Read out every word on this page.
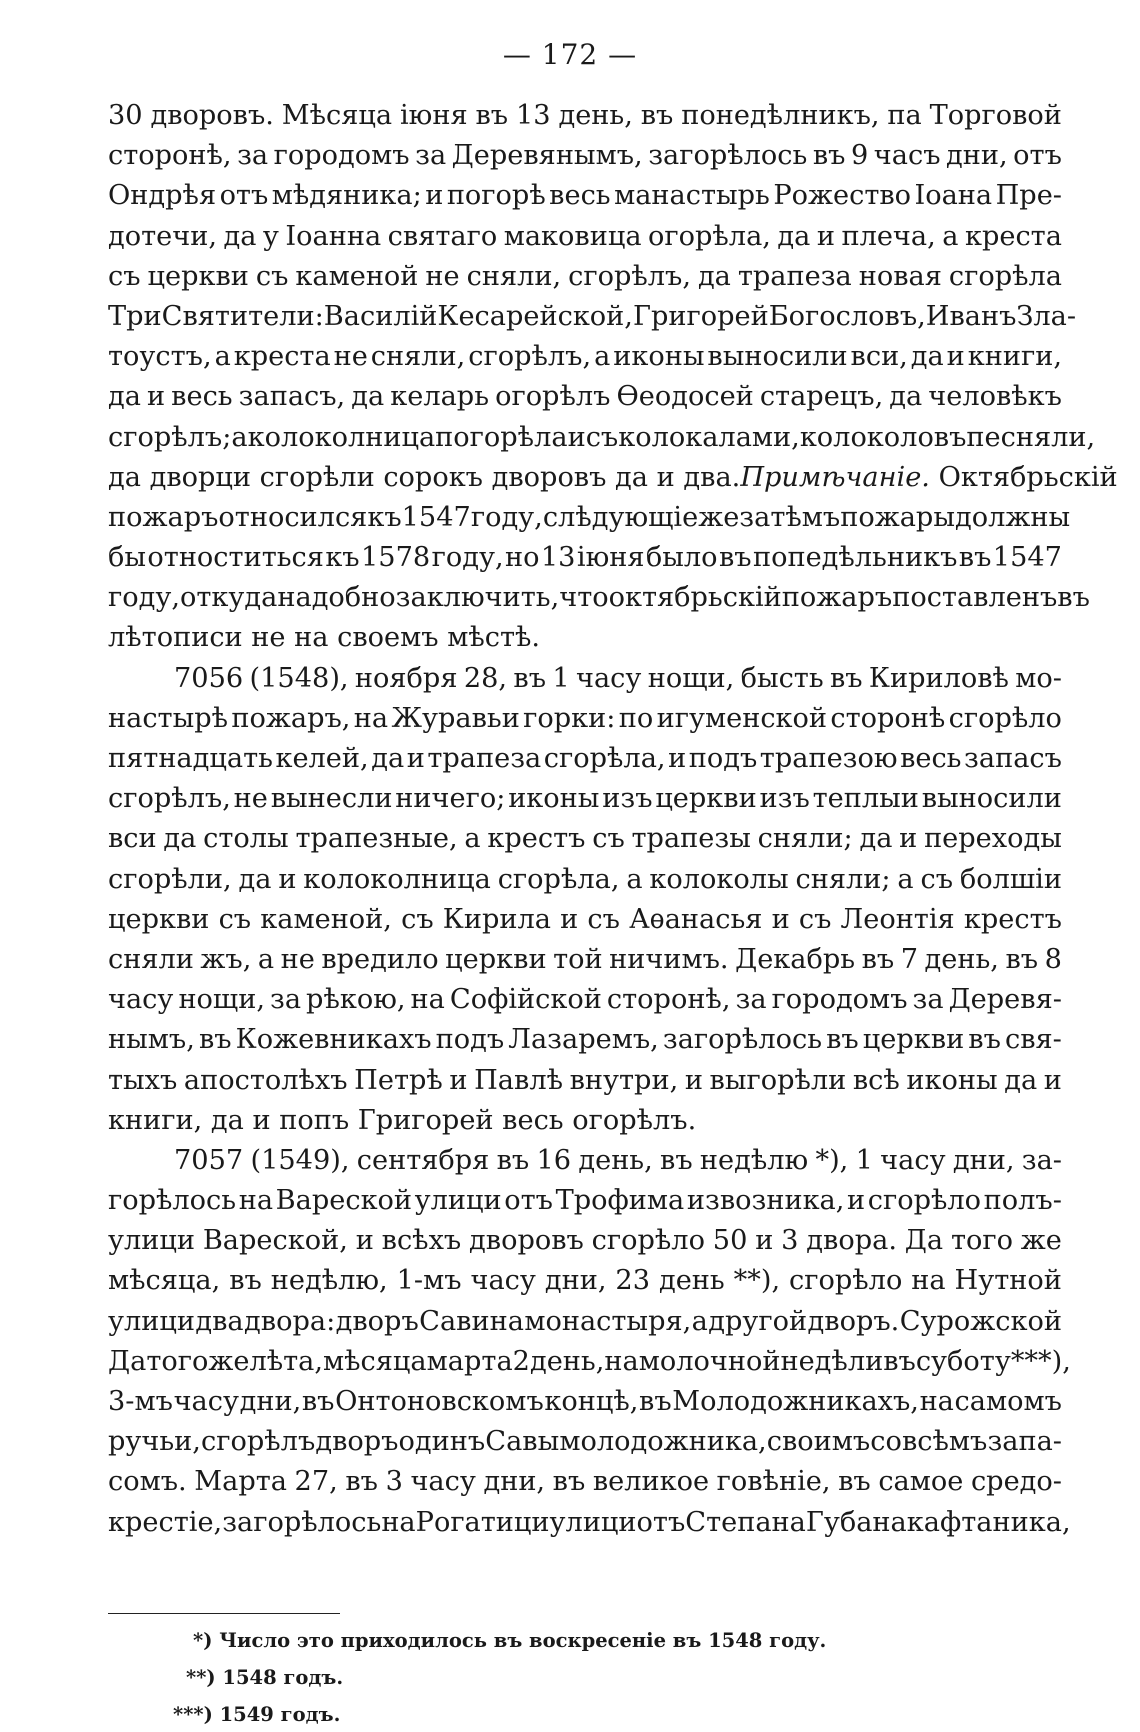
— 172 —
30 дворовъ. Мѣсяца іюня въ 13 день, въ понедѣлникъ, па Торговой
сторонѣ, за городомъ за Деревянымъ, загорѣлось въ 9 часъ дни, отъ
Ондрѣя отъ мѣдяника; и погорѣ весь манастырь Рожество Іоана Пре-
дотечи, да у Іоанна святаго маковица огорѣла, да и плеча, а креста
съ церкви съ каменой не сняли, сгорѣлъ, да трапеза новая сгорѣла
Три Святители: Василій Кесарейской, Григорей Богословъ, Иванъ Зла-
тоустъ, а креста не сняли, сгорѣлъ, а иконы выносили вси, да и книги,
да и весь запасъ, да келарь огорѣлъ Ѳеодосей старецъ, да человѣкъ
сгорѣлъ; а колоколница погорѣла и съ колокалами, колоколовъ пе сняли,
да дворци сгорѣли сорокъ дворовъ да и два. Примѣчаніе. Октябрьскій
пожаръ относился къ 1547 году, слѣдующіе же затѣмъ пожары должны
бы отноститься къ 1578 году, но 13 іюня было въ попедѣльникъ въ 1547
году, откуда надобно заключить, что октябрьскій пожаръ поставленъ въ
лѣтописи не на своемъ мѣстѣ.
7056 (1548), ноября 28, въ 1 часу нощи, бысть въ Кириловѣ мо-
настырѣ пожаръ, на Журавьи горки: по игуменской сторонѣ сгорѣло
пятнадцать келей, да и трапеза сгорѣла, и подъ трапезою весь запасъ
сгорѣлъ, не вынесли ничего; иконы изъ церкви изъ теплыи выносили
вси да столы трапезные, а крестъ съ трапезы сняли; да и переходы
сгорѣли, да и колоколница сгорѣла, а колоколы сняли; а съ болшіи
церкви съ каменой, съ Кирила и съ Аѳанасья и съ Леонтія крестъ
сняли жъ, а не вредило церкви той ничимъ. Декабрь въ 7 день, въ 8
часу нощи, за рѣкою, на Софійской сторонѣ, за городомъ за Деревя-
нымъ, въ Кожевникахъ подъ Лазаремъ, загорѣлось въ церкви въ свя-
тыхъ апостолѣхъ Петрѣ и Павлѣ внутри, и выгорѣли всѣ иконы да и
книги, да и попъ Григорей весь огорѣлъ.
7057 (1549), сентября въ 16 день, въ недѣлю *), 1 часу дни, за-
горѣлось на Вареской улици отъ Трофима извозника, и сгорѣло полъ-
улици Вареской, и всѣхъ дворовъ сгорѣло 50 и 3 двора. Да того же
мѣсяца, въ недѣлю, 1-мъ часу дни, 23 день **), сгорѣло на Нутной
улици два двора: дворъ Савина монастыря, а другой дворъ. Сурожской
Да того же лѣта, мѣсяца марта 2 день, на молочной недѣли въ суботу ***),
3-мъ часу дни, въ Онтоновскомъ концѣ, въ Молодожникахъ, на самомъ
ручьи, сгорѣлъ дворъ одинъ Савы молодожника, своимъ со всѣмъ запа-
сомъ. Марта 27, въ 3 часу дни, въ великое говѣніе, въ самое средо-
крестіе, загорѣлось на Рогатици улици отъ Степана Губана кафтаника,
*) Число это приходилось въ воскресеніе въ 1548 году.
**) 1548 годъ.
***) 1549 годъ.
